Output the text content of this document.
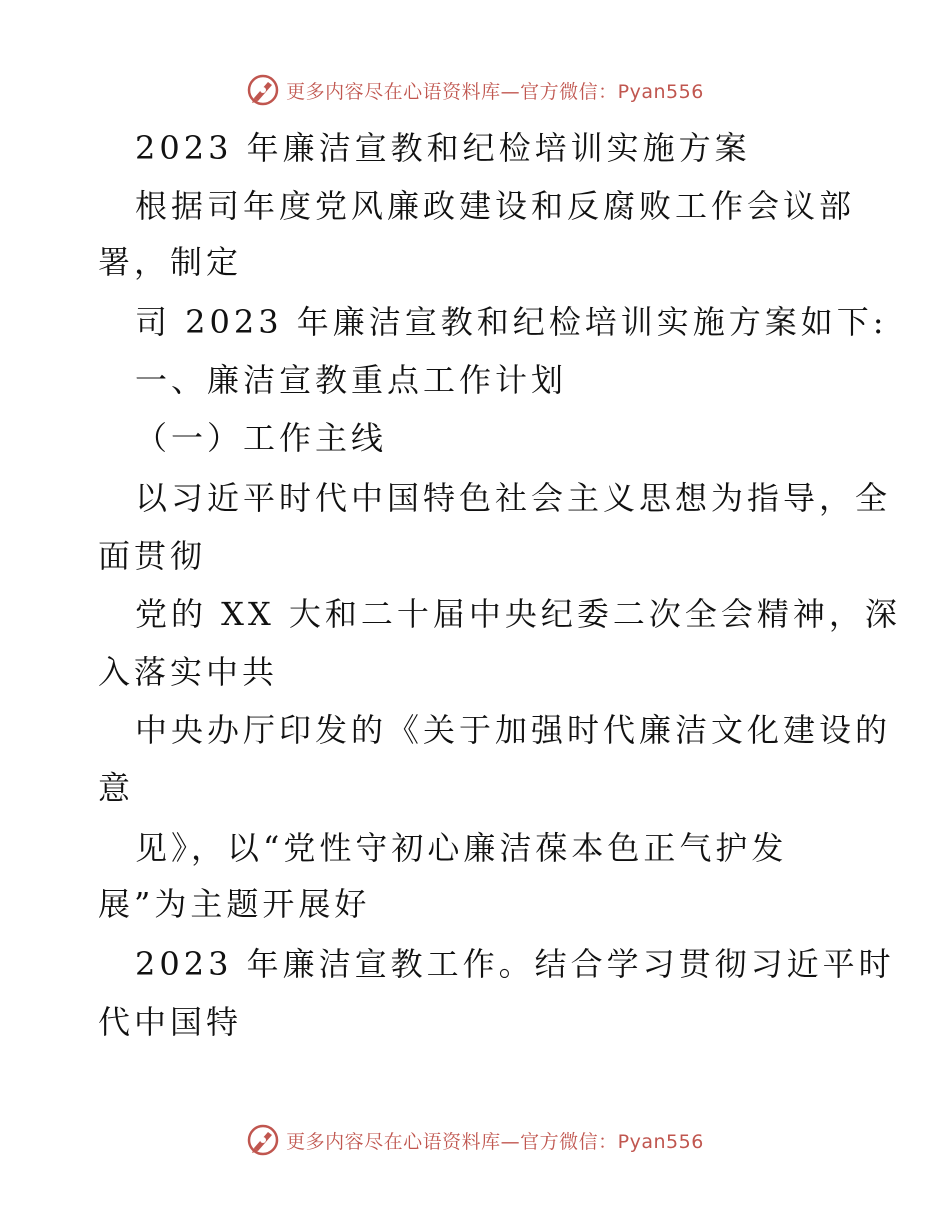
更多内容尽在心语资料库—官方微信：Pyan556
2023 年廉洁宣教和纪检培训实施方案
根据司年度党风廉政建设和反腐败工作会议部
署，制定
司 2023 年廉洁宣教和纪检培训实施方案如下:
一、廉洁宣教重点工作计划
（一）工作主线
以习近平时代中国特色社会主义思想为指导，全
面贯彻
党的 XX 大和二十届中央纪委二次全会精神，深
入落实中共
中央办厅印发的《关于加强时代廉洁文化建设的
意
见》，以“党性守初心廉洁葆本色正气护发
展”为主题开展好
2023 年廉洁宣教工作。结合学习贯彻习近平时
代中国特
更多内容尽在心语资料库—官方微信：Pyan556
